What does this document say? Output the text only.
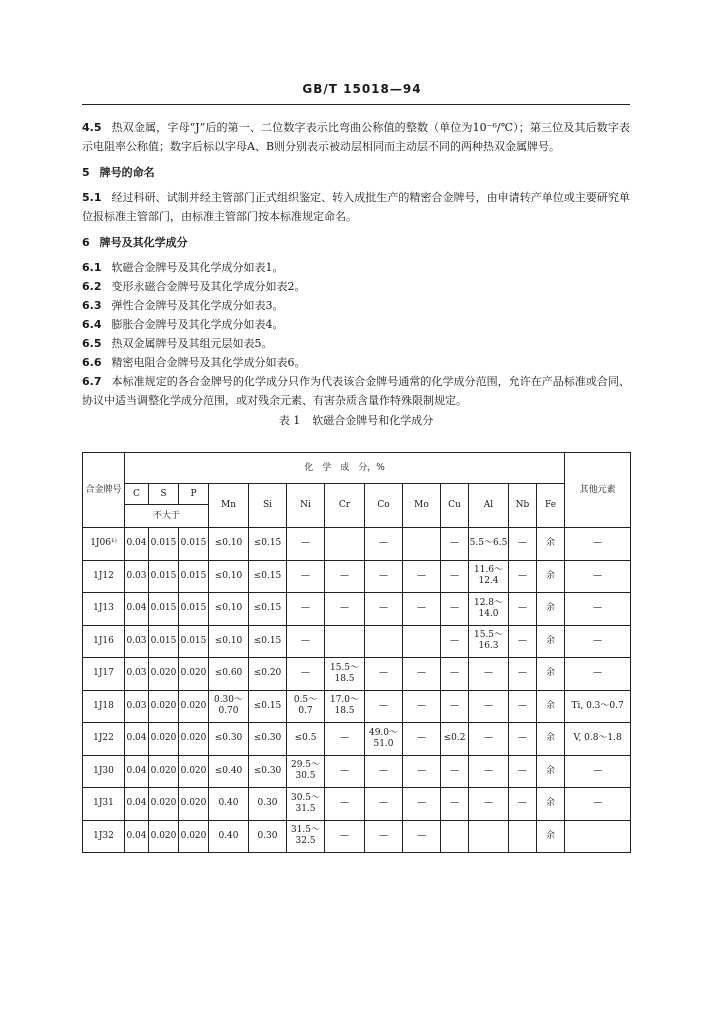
GB/T 15018—94

4.5 热双金属，字母“J”后的第一、二位数字表示比弯曲公称值的整数（单位为10⁻⁶/℃）；第三位及其后数字表示电阻率公称值；数字后标以字母A、B则分别表示被动层相同而主动层不同的两种热双金属牌号。

5 牌号的命名

5.1 经过科研、试制并经主管部门正式组织鉴定、转入成批生产的精密合金牌号，由申请转产单位或主要研究单位报标准主管部门，由标准主管部门按本标准规定命名。

6 牌号及其化学成分

6.1 软磁合金牌号及其化学成分如表1。

6.2 变形永磁合金牌号及其化学成分如表2。

6.3 弹性合金牌号及其化学成分如表3。

6.4 膨胀合金牌号及其化学成分如表4。

6.5 热双金属牌号及其组元层如表5。

6.6 精密电阻合金牌号及其化学成分如表6。

6.7 本标准规定的各合金牌号的化学成分只作为代表该合金牌号通常的化学成分范围，允许在产品标准或合同、协议中适当调整化学成分范围，或对残余元素、有害杂质含量作特殊限制规定。

表 1 软磁合金牌号和化学成分
合金牌号	化　学　成　分，%													其他元素
	C	S	P	Mn	Si	Ni	Cr	Co	Mo	Cu	Al	Nb	Fe	
	不大于													
1J06¹⁾	0.04	0.015	0.015	≤0.10	≤0.15	—		—		—	5.5～6.5	—	余	—
1J12	0.03	0.015	0.015	≤0.10	≤0.15	—	—	—	—	—	11.6～12.4	—	余	—
1J13	0.04	0.015	0.015	≤0.10	≤0.15	—	—	—	—	—	12.8～14.0	—	余	—
1J16	0.03	0.015	0.015	≤0.10	≤0.15	—				—	15.5～16.3	—	余	—
1J17	0.03	0.020	0.020	≤0.60	≤0.20	—	15.5～18.5	—	—	—	—	—	余	—
1J18	0.03	0.020	0.020	0.30～0.70	≤0.15	0.5～0.7	17.0～18.5	—	—	—	—	—	余	Ti, 0.3～0.7
1J22	0.04	0.020	0.020	≤0.30	≤0.30	≤0.5	—	49.0～51.0	—	≤0.2	—	—	余	V, 0.8～1.8
1J30	0.04	0.020	0.020	≤0.40	≤0.30	29.5～30.5	—	—	—	—	—	—	余	—
1J31	0.04	0.020	0.020	0.40	0.30	30.5～31.5	—	—	—	—	—	—	余	—
1J32	0.04	0.020	0.020	0.40	0.30	31.5～32.5	—	—	—				余	
